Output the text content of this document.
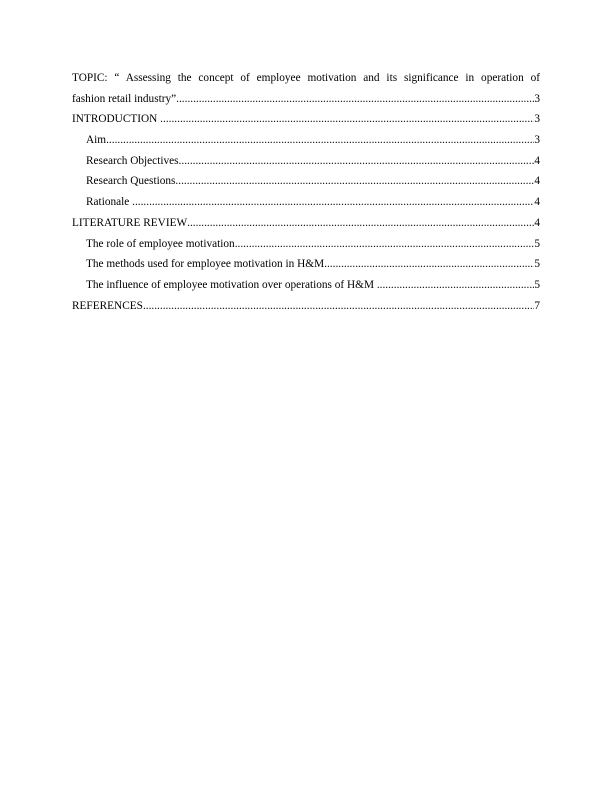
TOPIC: “ Assessing the concept of employee motivation and its significance in operation of
fashion retail industry” .....	3
INTRODUCTION .....	3
Aim .....	3
Research Objectives .....	4
Research Questions .....	4
Rationale .....	4
LITERATURE REVIEW .....	4
The role of employee motivation .....	5
The methods used for employee motivation in H&M .....	5
The influence of employee motivation over operations of H&M .....	5
REFERENCES .....	7
